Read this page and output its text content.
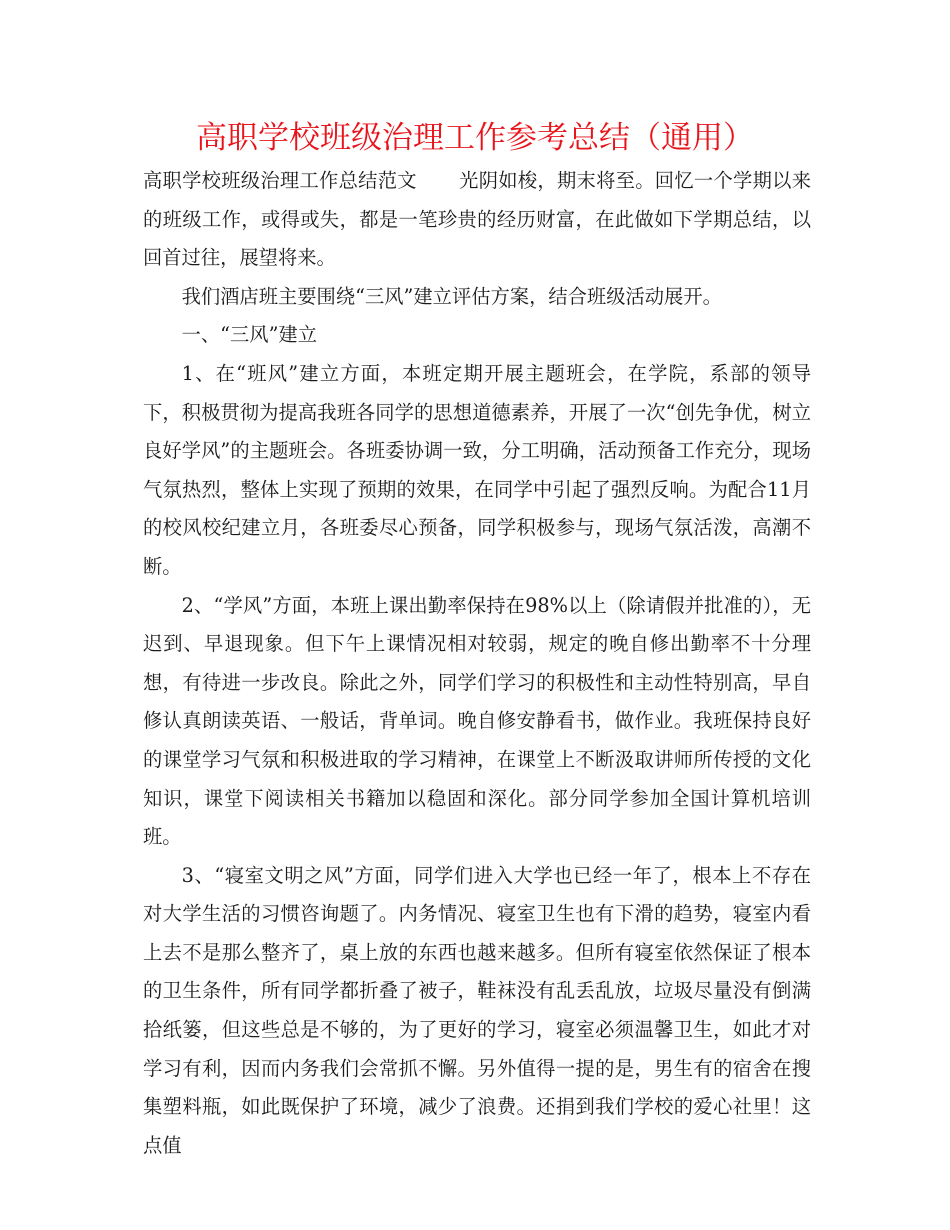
高职学校班级治理工作参考总结（通用）

高职学校班级治理工作总结范文 光阴如梭，期末将至。回忆一个学期以来的班级工作，或得或失，都是一笔珍贵的经历财富，在此做如下学期总结，以回首过往，展望将来。

我们酒店班主要围绕“三风”建立评估方案，结合班级活动展开。

一、“三风”建立

1、在“班风”建立方面，本班定期开展主题班会，在学院，系部的领导下，积极贯彻为提高我班各同学的思想道德素养，开展了一次“创先争优，树立良好学风”的主题班会。各班委协调一致，分工明确，活动预备工作充分，现场气氛热烈，整体上实现了预期的效果，在同学中引起了强烈反响。为配合11月的校风校纪建立月，各班委尽心预备，同学积极参与，现场气氛活泼，高潮不断。

2、“学风”方面，本班上课出勤率保持在98%以上（除请假并批准的），无迟到、早退现象。但下午上课情况相对较弱，规定的晚自修出勤率不十分理想，有待进一步改良。除此之外，同学们学习的积极性和主动性特别高，早自修认真朗读英语、一般话，背单词。晚自修安静看书，做作业。我班保持良好的课堂学习气氛和积极进取的学习精神，在课堂上不断汲取讲师所传授的文化知识，课堂下阅读相关书籍加以稳固和深化。部分同学参加全国计算机培训班。

3、“寝室文明之风”方面，同学们进入大学也已经一年了，根本上不存在对大学生活的习惯咨询题了。内务情况、寝室卫生也有下滑的趋势，寝室内看上去不是那么整齐了，桌上放的东西也越来越多。但所有寝室依然保证了根本的卫生条件，所有同学都折叠了被子，鞋袜没有乱丢乱放，垃圾尽量没有倒满拾纸篓，但这些总是不够的，为了更好的学习，寝室必须温馨卫生，如此才对学习有利，因而内务我们会常抓不懈。另外值得一提的是，男生有的宿舍在搜集塑料瓶，如此既保护了环境，减少了浪费。还捐到我们学校的爱心社里！这点值
